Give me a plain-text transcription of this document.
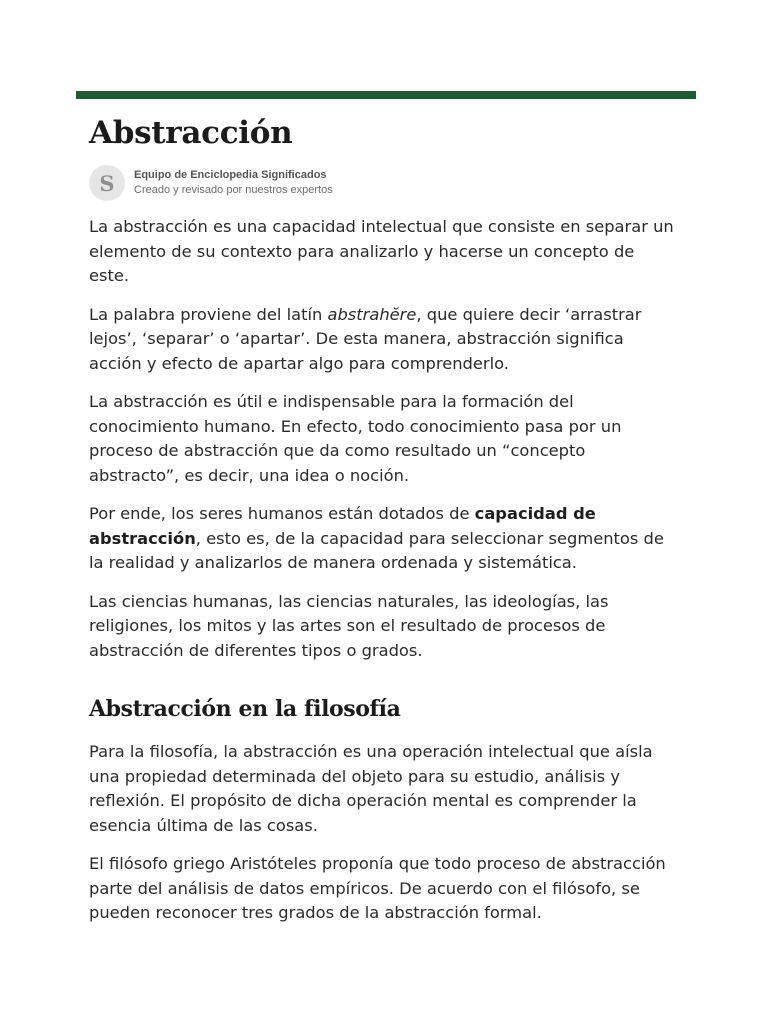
Abstracción
S Equipo de Enciclopedia Significados
Creado y revisado por nuestros expertos

La abstracción es una capacidad intelectual que consiste en separar un elemento de su contexto para analizarlo y hacerse un concepto de este.

La palabra proviene del latín abstrahĕre, que quiere decir ‘arrastrar lejos’, ‘separar’ o ‘apartar’. De esta manera, abstracción significa acción y efecto de apartar algo para comprenderlo.

La abstracción es útil e indispensable para la formación del conocimiento humano. En efecto, todo conocimiento pasa por un proceso de abstracción que da como resultado un “concepto abstracto”, es decir, una idea o noción.

Por ende, los seres humanos están dotados de capacidad de abstracción, esto es, de la capacidad para seleccionar segmentos de la realidad y analizarlos de manera ordenada y sistemática.

Las ciencias humanas, las ciencias naturales, las ideologías, las religiones, los mitos y las artes son el resultado de procesos de abstracción de diferentes tipos o grados.

Abstracción en la filosofía

Para la filosofía, la abstracción es una operación intelectual que aísla una propiedad determinada del objeto para su estudio, análisis y reflexión. El propósito de dicha operación mental es comprender la esencia última de las cosas.

El filósofo griego Aristóteles proponía que todo proceso de abstracción parte del análisis de datos empíricos. De acuerdo con el filósofo, se pueden reconocer tres grados de la abstracción formal.
